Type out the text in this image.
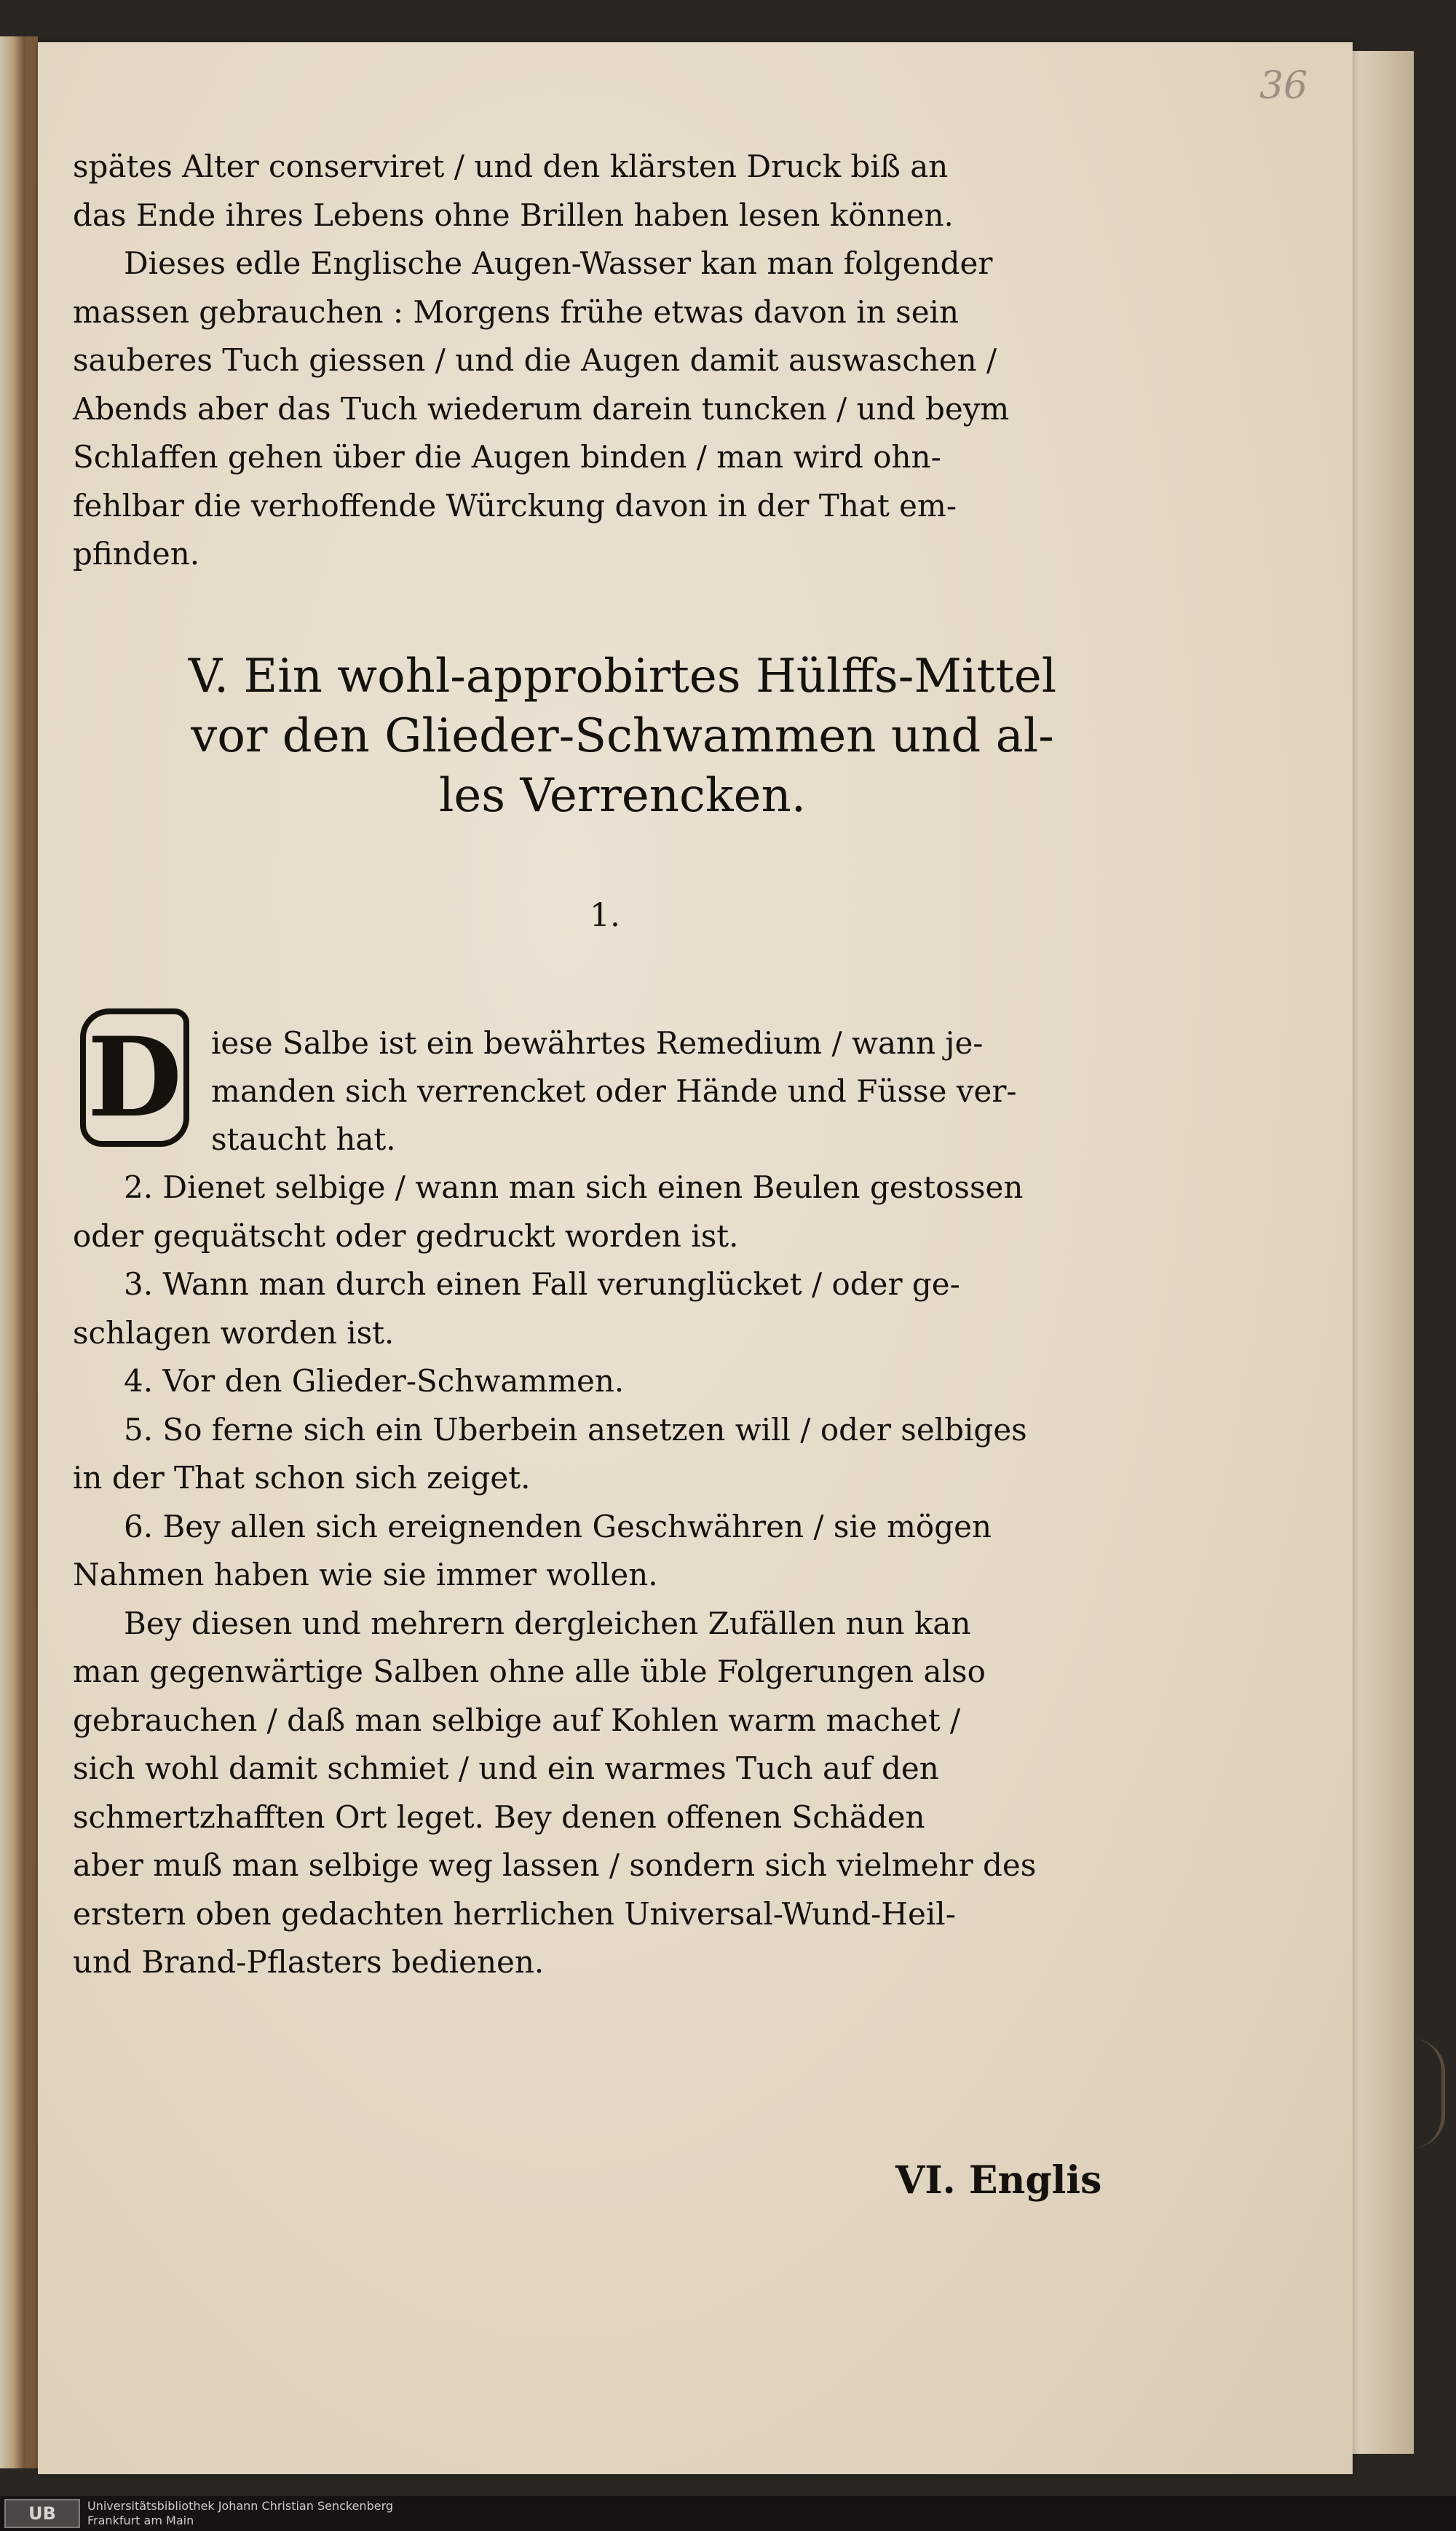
36

spätes Alter conserviret / und den klärsten Druck biß an
das Ende ihres Lebens ohne Brillen haben lesen können.

Dieses edle Englische Augen-Wasser kan man folgender
massen gebrauchen : Morgens frühe etwas davon in sein
sauberes Tuch giessen / und die Augen damit auswaschen /
Abends aber das Tuch wiederum darein tuncken / und beym
Schlaffen gehen über die Augen binden / man wird ohn-
fehlbar die verhoffende Würckung davon in der That em-
pfinden.

V. Ein wohl-approbirtes Hülffs-Mittel
vor den Glieder-Schwammen und al-
les Verrencken.
1.
D iese Salbe ist ein bewährtes Remedium / wann je-
manden sich verrencket oder Hände und Füsse ver-
staucht hat.

2. Dienet selbige / wann man sich einen Beulen gestossen
oder gequätscht oder gedruckt worden ist.

3. Wann man durch einen Fall verunglücket / oder ge-
schlagen worden ist.

4. Vor den Glieder-Schwammen.

5. So ferne sich ein Uberbein ansetzen will / oder selbiges
in der That schon sich zeiget.

6. Bey allen sich ereignenden Geschwähren / sie mögen
Nahmen haben wie sie immer wollen.

Bey diesen und mehrern dergleichen Zufällen nun kan
man gegenwärtige Salben ohne alle üble Folgerungen also
gebrauchen / daß man selbige auf Kohlen warm machet /
sich wohl damit schmiet / und ein warmes Tuch auf den
schmertzhafften Ort leget. Bey denen offenen Schäden
aber muß man selbige weg lassen / sondern sich vielmehr des
erstern oben gedachten herrlichen Universal-Wund-Heil-
und Brand-Pflasters bedienen.

VI. Englis
UB	Universitätsbibliothek Johann Christian Senckenberg
Frankfurt am Main
